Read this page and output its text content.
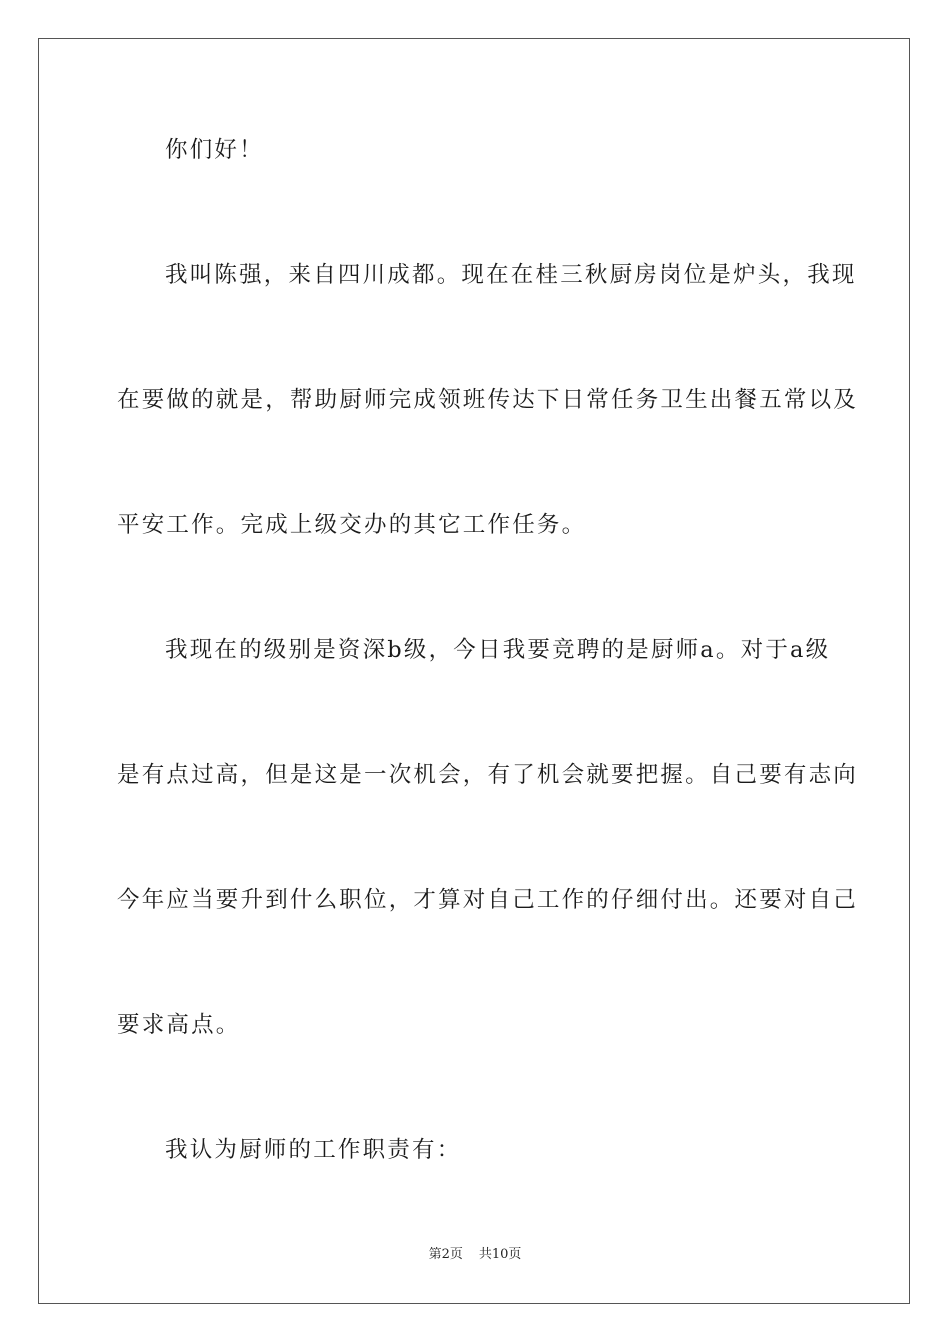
你们好！
我叫陈强，来自四川成都。现在在桂三秋厨房岗位是炉头，我现
在要做的就是，帮助厨师完成领班传达下日常任务卫生出餐五常以及
平安工作。完成上级交办的其它工作任务。
我现在的级别是资深b级，今日我要竞聘的是厨师a。对于a级
是有点过高，但是这是一次机会，有了机会就要把握。自己要有志向
今年应当要升到什么职位，才算对自己工作的仔细付出。还要对自己
要求高点。
我认为厨师的工作职责有：
第2页 共10页
